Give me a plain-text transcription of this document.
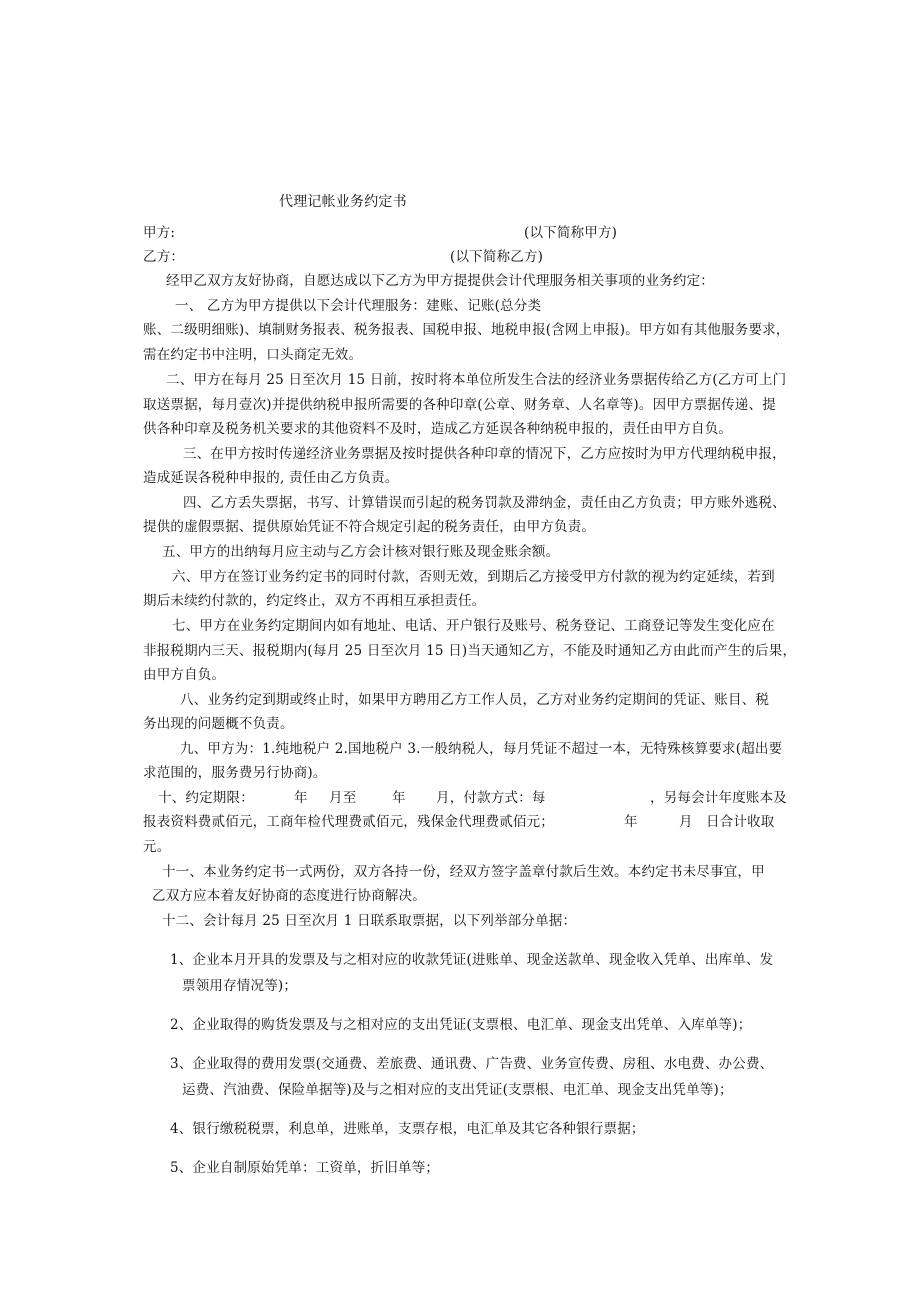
代理记帐业务约定书
甲方:	(以下简称甲方)
乙方：	(以下简称乙方)
经甲乙双方友好协商，自愿达成以下乙方为甲方提提供会计代理服务相关事项的业务约定：
一、 乙方为甲方提供以下会计代理服务：建账、记账(总分类
账、二级明细账)、填制财务报表、税务报表、国税申报、地税申报(含网上申报)。甲方如有其他服务要求，
需在约定书中注明，口头商定无效。
二、甲方在每月 25 日至次月 15 日前，按时将本单位所发生合法的经济业务票据传给乙方(乙方可上门
取送票据，每月壹次)并提供纳税申报所需要的各种印章(公章、财务章、人名章等)。因甲方票据传递、提
供各种印章及税务机关要求的其他资料不及时，造成乙方延误各种纳税申报的，责任由甲方自负。
三、在甲方按时传递经济业务票据及按时提供各种印章的情况下，乙方应按时为甲方代理纳税申报，
造成延误各税种申报的, 责任由乙方负责。
四、乙方丢失票据，书写、计算错误而引起的税务罚款及滞纳金，责任由乙方负责；甲方账外逃税、
提供的虚假票据、提供原始凭证不符合规定引起的税务责任，由甲方负责。
五、甲方的出纳每月应主动与乙方会计核对银行账及现金账余额。
六、甲方在签订业务约定书的同时付款，否则无效，到期后乙方接受甲方付款的视为约定延续，若到
期后未续约付款的，约定终止，双方不再相互承担责任。
七、甲方在业务约定期间内如有地址、电话、开户银行及账号、税务登记、工商登记等发生变化应在
非报税期内三天、报税期内(每月 25 日至次月 15 日)当天通知乙方，不能及时通知乙方由此而产生的后果，
由甲方自负。
八、业务约定到期或终止时，如果甲方聘用乙方工作人员，乙方对业务约定期间的凭证、账目、税
务出现的问题概不负责。
九、甲方为：1.纯地税户 2.国地税户 3.一般纳税人，每月凭证不超过一本，无特殊核算要求(超出要
求范围的，服务费另行协商)。
十、约定期限：	年 月至	年 月，付款方式：每	，另每会计年度账本及
报表资料费贰佰元，工商年检代理费贰佰元，残保金代理费贰佰元；	年	月 日合计收取
元。
十一、本业务约定书一式两份，双方各持一份，经双方签字盖章付款后生效。本约定书未尽事宜，甲
乙双方应本着友好协商的态度进行协商解决。
十二、会计每月 25 日至次月 1 日联系取票据，以下列举部分单据：
1、企业本月开具的发票及与之相对应的收款凭证(进账单、现金送款单、现金收入凭单、出库单、发
票领用存情况等)；
2、企业取得的购货发票及与之相对应的支出凭证(支票根、电汇单、现金支出凭单、入库单等)；
3、企业取得的费用发票(交通费、差旅费、通讯费、广告费、业务宣传费、房租、水电费、办公费、
运费、汽油费、保险单据等)及与之相对应的支出凭证(支票根、电汇单、现金支出凭单等)；
4、银行缴税税票，利息单，进账单，支票存根，电汇单及其它各种银行票据；
5、企业自制原始凭单：工资单，折旧单等；
